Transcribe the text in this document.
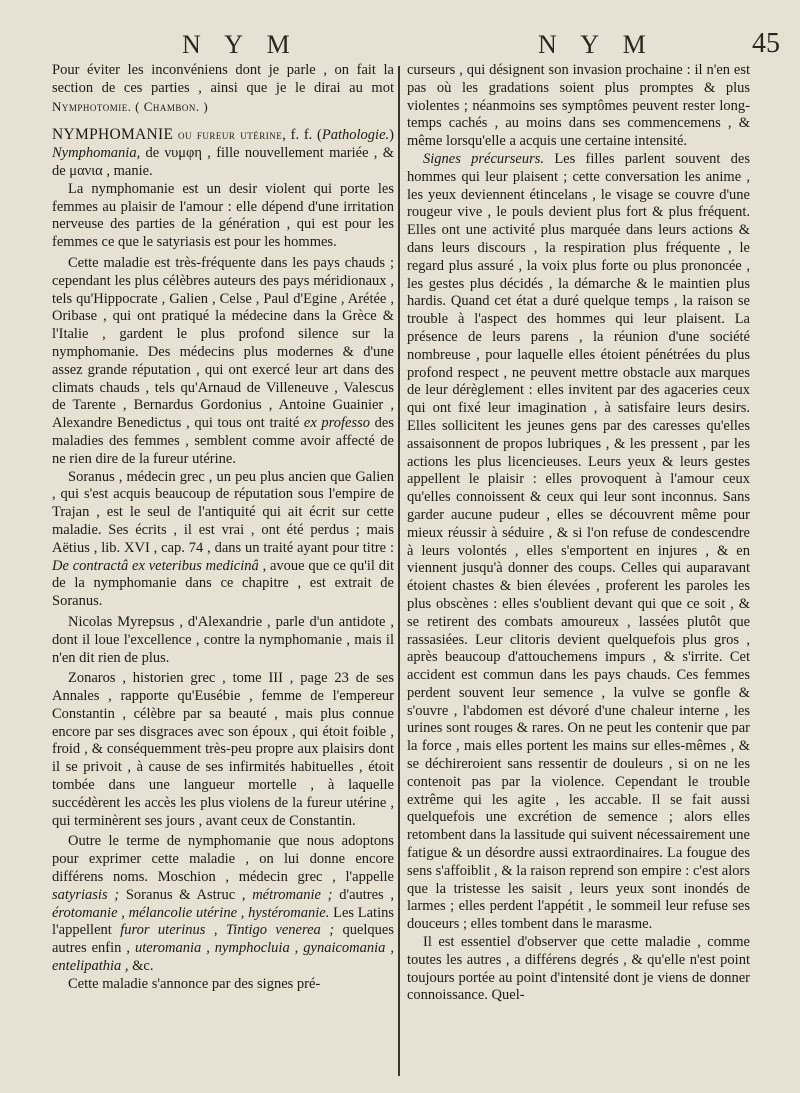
N Y M	N Y M	45

Pour éviter les inconvéniens dont je parle , on fait la section de ces parties , ainsi que je le dirai au mot Nymphotomie. ( Chambon. )

NYMPHOMANIE ou fureur utérine, f. f. (Pathologie.) Nymphomania, de νυμφη , fille nouvellement mariée , & de μανια , manie.

La nymphomanie est un desir violent qui porte les femmes au plaisir de l'amour : elle dépend d'une irritation nerveuse des parties de la génération , qui est pour les femmes ce que le satyriasis est pour les hommes.

Cette maladie est très-fréquente dans les pays chauds ; cependant les plus célèbres auteurs des pays méridionaux , tels qu'Hippocrate , Galien , Celse , Paul d'Egine , Arétée , Oribase , qui ont pratiqué la médecine dans la Grèce & l'Italie , gardent le plus profond silence sur la nymphomanie. Des médecins plus modernes & d'une assez grande réputation , qui ont exercé leur art dans des climats chauds , tels qu'Arnaud de Villeneuve , Valescus de Tarente , Bernardus Gordonius , Antoine Guainier , Alexandre Benedictus , qui tous ont traité ex professo des maladies des femmes , semblent comme avoir affecté de ne rien dire de la fureur utérine.

Soranus , médecin grec , un peu plus ancien que Galien , qui s'est acquis beaucoup de réputation sous l'empire de Trajan , est le seul de l'antiquité qui ait écrit sur cette maladie. Ses écrits , il est vrai , ont été perdus ; mais Aëtius , lib. XVI , cap. 74 , dans un traité ayant pour titre : De contractâ ex veteribus medicinâ , avoue que ce qu'il dit de la nymphomanie dans ce chapitre , est extrait de Soranus.

Nicolas Myrepsus , d'Alexandrie , parle d'un antidote , dont il loue l'excellence , contre la nymphomanie , mais il n'en dit rien de plus.

Zonaros , historien grec , tome III , page 23 de ses Annales , rapporte qu'Eusébie , femme de l'empereur Constantin , célèbre par sa beauté , mais plus connue encore par ses disgraces avec son époux , qui étoit foible , froid , & conséquemment très-peu propre aux plaisirs dont il se privoit , à cause de ses infirmités habituelles , étoit tombée dans une langueur mortelle , à laquelle succédèrent les accès les plus violens de la fureur utérine , qui terminèrent ses jours , avant ceux de Constantin.

Outre le terme de nymphomanie que nous adoptons pour exprimer cette maladie , on lui donne encore différens noms. Moschion , médecin grec , l'appelle satyriasis ; Soranus & Astruc , métromanie ; d'autres , érotomanie , mélancolie utérine , hystéromanie. Les Latins l'appellent furor uterinus , Tintigo venerea ; quelques autres enfin , uteromania , nymphocluia , gynaicomania , entelipathia , &c.

Cette maladie s'annonce par des signes pré-

curseurs , qui désignent son invasion prochaine : il n'en est pas où les gradations soient plus promptes & plus violentes ; néanmoins ses symptômes peuvent rester long-temps cachés , au moins dans ses commencemens , & même lorsqu'elle a acquis une certaine intensité.

Signes précurseurs. Les filles parlent souvent des hommes qui leur plaisent ; cette conversation les anime , les yeux deviennent étincelans , le visage se couvre d'une rougeur vive , le pouls devient plus fort & plus fréquent. Elles ont une activité plus marquée dans leurs actions & dans leurs discours , la respiration plus fréquente , le regard plus assuré , la voix plus forte ou plus prononcée , les gestes plus décidés , la démarche & le maintien plus hardis. Quand cet état a duré quelque temps , la raison se trouble à l'aspect des hommes qui leur plaisent. La présence de leurs parens , la réunion d'une société nombreuse , pour laquelle elles étoient pénétrées du plus profond respect , ne peuvent mettre obstacle aux marques de leur dérèglement : elles invitent par des agaceries ceux qui ont fixé leur imagination , à satisfaire leurs desirs. Elles sollicitent les jeunes gens par des caresses qu'elles assaisonnent de propos lubriques , & les pressent , par les actions les plus licencieuses. Leurs yeux & leurs gestes appellent le plaisir : elles provoquent à l'amour ceux qu'elles connoissent & ceux qui leur sont inconnus. Sans garder aucune pudeur , elles se découvrent même pour mieux réussir à séduire , & si l'on refuse de condescendre à leurs volontés , elles s'emportent en injures , & en viennent jusqu'à donner des coups. Celles qui auparavant étoient chastes & bien élevées , proferent les paroles les plus obscènes : elles s'oublient devant qui que ce soit , & se retirent des combats amoureux , lassées plutôt que rassasiées. Leur clitoris devient quelquefois plus gros , après beaucoup d'attouchemens impurs , & s'irrite. Cet accident est commun dans les pays chauds. Ces femmes perdent souvent leur semence , la vulve se gonfle & s'ouvre , l'abdomen est dévoré d'une chaleur interne , les urines sont rouges & rares. On ne peut les contenir que par la force , mais elles portent les mains sur elles-mêmes , & se déchireroient sans ressentir de douleurs , si on ne les contenoit pas par la violence. Cependant le trouble extrême qui les agite , les accable. Il se fait aussi quelquefois une excrétion de semence ; alors elles retombent dans la lassitude qui suivent nécessairement une fatigue & un désordre aussi extraordinaires. La fougue des sens s'affoiblit , & la raison reprend son empire : c'est alors que la tristesse les saisit , leurs yeux sont inondés de larmes ; elles perdent l'appétit , le sommeil leur refuse ses douceurs ; elles tombent dans le marasme.

Il est essentiel d'observer que cette maladie , comme toutes les autres , a différens degrés , & qu'elle n'est point toujours portée au point d'intensité dont je viens de donner connoissance. Quel-
